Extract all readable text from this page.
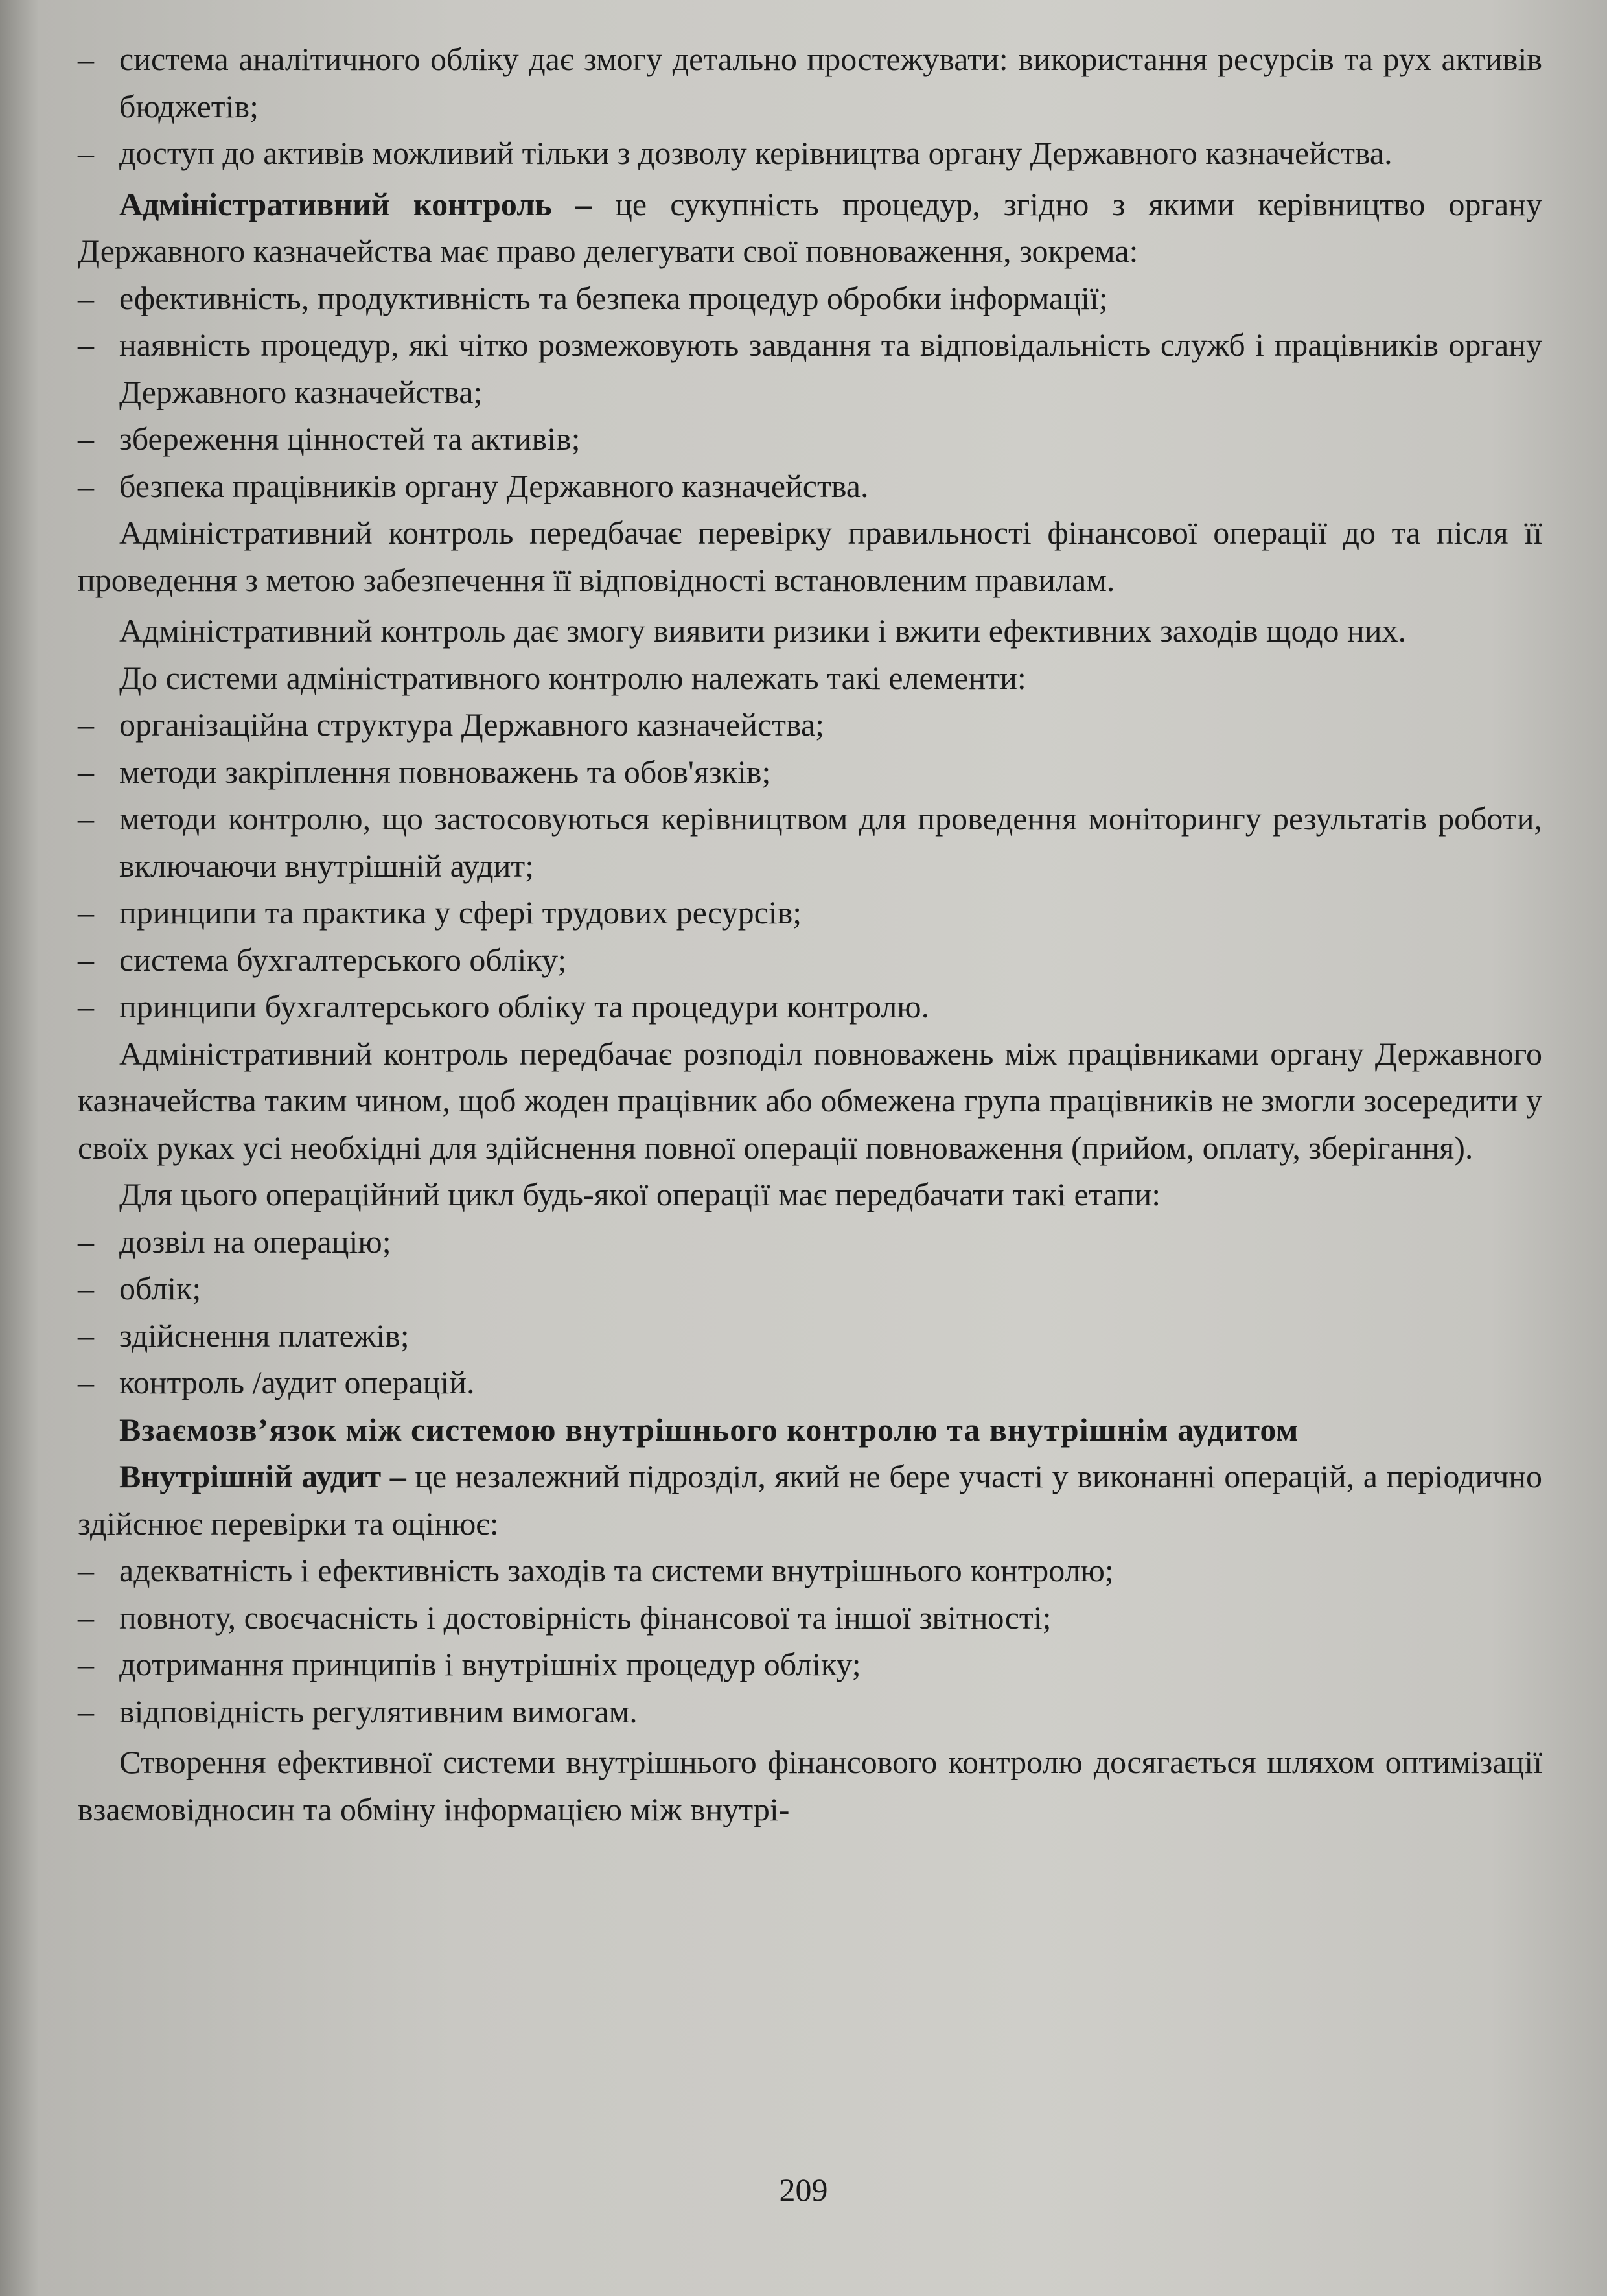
– система аналітичного обліку дає змогу детально простежувати: використання ресурсів та рух активів бюджетів;

– доступ до активів можливий тільки з дозволу керівництва органу Державного казначейства.

Адміністративний контроль – це сукупність процедур, згідно з якими керівництво органу Державного казначейства має право делегувати свої повноваження, зокрема:

– ефективність, продуктивність та безпека процедур обробки інформації;

– наявність процедур, які чітко розмежовують завдання та відповідальність служб і працівників органу Державного казначейства;

– збереження цінностей та активів;

– безпека працівників органу Державного казначейства.

Адміністративний контроль передбачає перевірку правильності фінансової операції до та після її проведення з метою забезпечення її відповідності встановленим правилам.

Адміністративний контроль дає змогу виявити ризики і вжити ефективних заходів щодо них.

До системи адміністративного контролю належать такі елементи:

– організаційна структура Державного казначейства;

– методи закріплення повноважень та обов'язків;

– методи контролю, що застосовуються керівництвом для проведення моніторингу результатів роботи, включаючи внутрішній аудит;

– принципи та практика у сфері трудових ресурсів;

– система бухгалтерського обліку;

– принципи бухгалтерського обліку та процедури контролю.

Адміністративний контроль передбачає розподіл повноважень між працівниками органу Державного казначейства таким чином, щоб жоден працівник або обмежена група працівників не змогли зосередити у своїх руках усі необхідні для здійснення повної операції повноваження (прийом, оплату, зберігання).

Для цього операційний цикл будь-якої операції має передбачати такі етапи:

– дозвіл на операцію;

– облік;

– здійснення платежів;

– контроль /аудит операцій.

Взаємозв’язок між системою внутрішнього контролю та внутрішнім аудитом

Внутрішній аудит – це незалежний підрозділ, який не бере участі у виконанні операцій, а періодично здійснює перевірки та оцінює:

– адекватність і ефективність заходів та системи внутрішнього контролю;

– повноту, своєчасність і достовірність фінансової та іншої звітності;

– дотримання принципів і внутрішніх процедур обліку;

– відповідність регулятивним вимогам.

Створення ефективної системи внутрішнього фінансового контролю досягається шляхом оптимізації взаємовідносин та обміну інформацією між внутрі-

209
